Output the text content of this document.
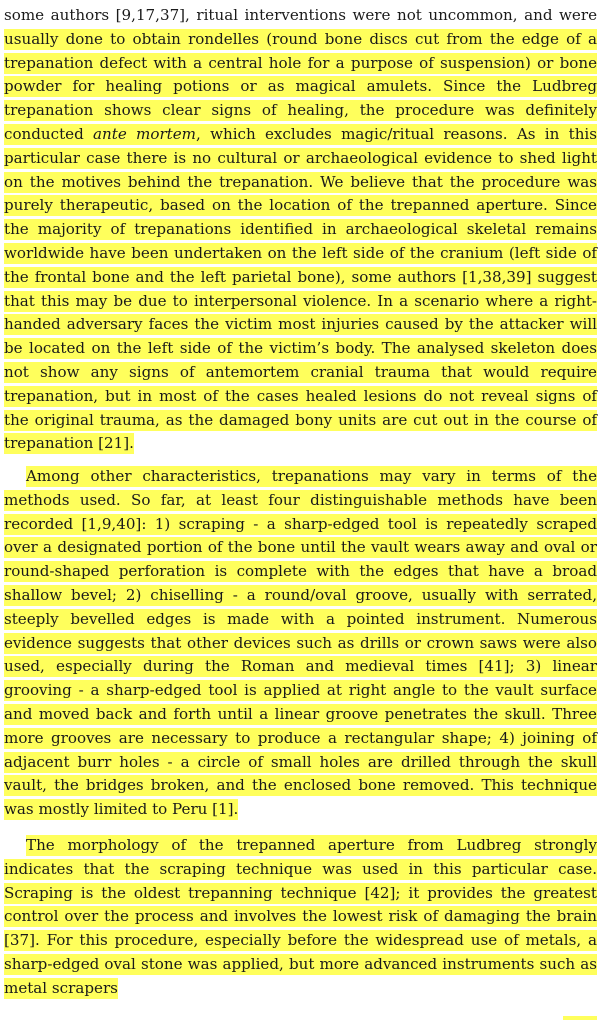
some authors [9,17,37], ritual interventions were not uncommon, and were usually done to obtain rondelles (round bone discs cut from the edge of a trepanation defect with a central hole for a purpose of suspension) or bone powder for healing potions or as magical amulets. Since the Ludbreg trepanation shows clear signs of healing, the procedure was definitely conducted ante mortem, which excludes magic/ritual reasons. As in this particular case there is no cultural or archaeological evidence to shed light on the motives behind the trepanation. We believe that the procedure was purely therapeutic, based on the location of the trepanned aperture. Since the majority of trepanations identified in archaeological skeletal remains worldwide have been undertaken on the left side of the cranium (left side of the frontal bone and the left parietal bone), some authors [1,38,39] suggest that this may be due to interpersonal violence. In a scenario where a right-handed adversary faces the victim most injuries caused by the attacker will be located on the left side of the victim’s body. The analysed skeleton does not show any signs of antemortem cranial trauma that would require trepanation, but in most of the cases healed lesions do not reveal signs of the original trauma, as the damaged bony units are cut out in the course of trepanation [21].

Among other characteristics, trepanations may vary in terms of the methods used. So far, at least four distinguishable methods have been recorded [1,9,40]: 1) scraping - a sharp-edged tool is repeatedly scraped over a designated portion of the bone until the vault wears away and oval or round-shaped perforation is complete with the edges that have a broad shallow bevel; 2) chiselling - a round/oval groove, usually with serrated, steeply bevelled edges is made with a pointed instrument. Numerous evidence suggests that other devices such as drills or crown saws were also used, especially during the Roman and medieval times [41]; 3) linear grooving - a sharp-edged tool is applied at right angle to the vault surface and moved back and forth until a linear groove penetrates the skull. Three more grooves are necessary to produce a rectangular shape; 4) joining of adjacent burr holes - a circle of small holes are drilled through the skull vault, the bridges broken, and the enclosed bone removed. This technique was mostly limited to Peru [1].

The morphology of the trepanned aperture from Ludbreg strongly indicates that the scraping technique was used in this particular case. Scraping is the oldest trepanning technique [42]; it provides the greatest control over the process and involves the lowest risk of damaging the brain [37]. For this procedure, especially before the widespread use of metals, a sharp-edged oval stone was applied, but more advanced instruments such as metal scrapers
